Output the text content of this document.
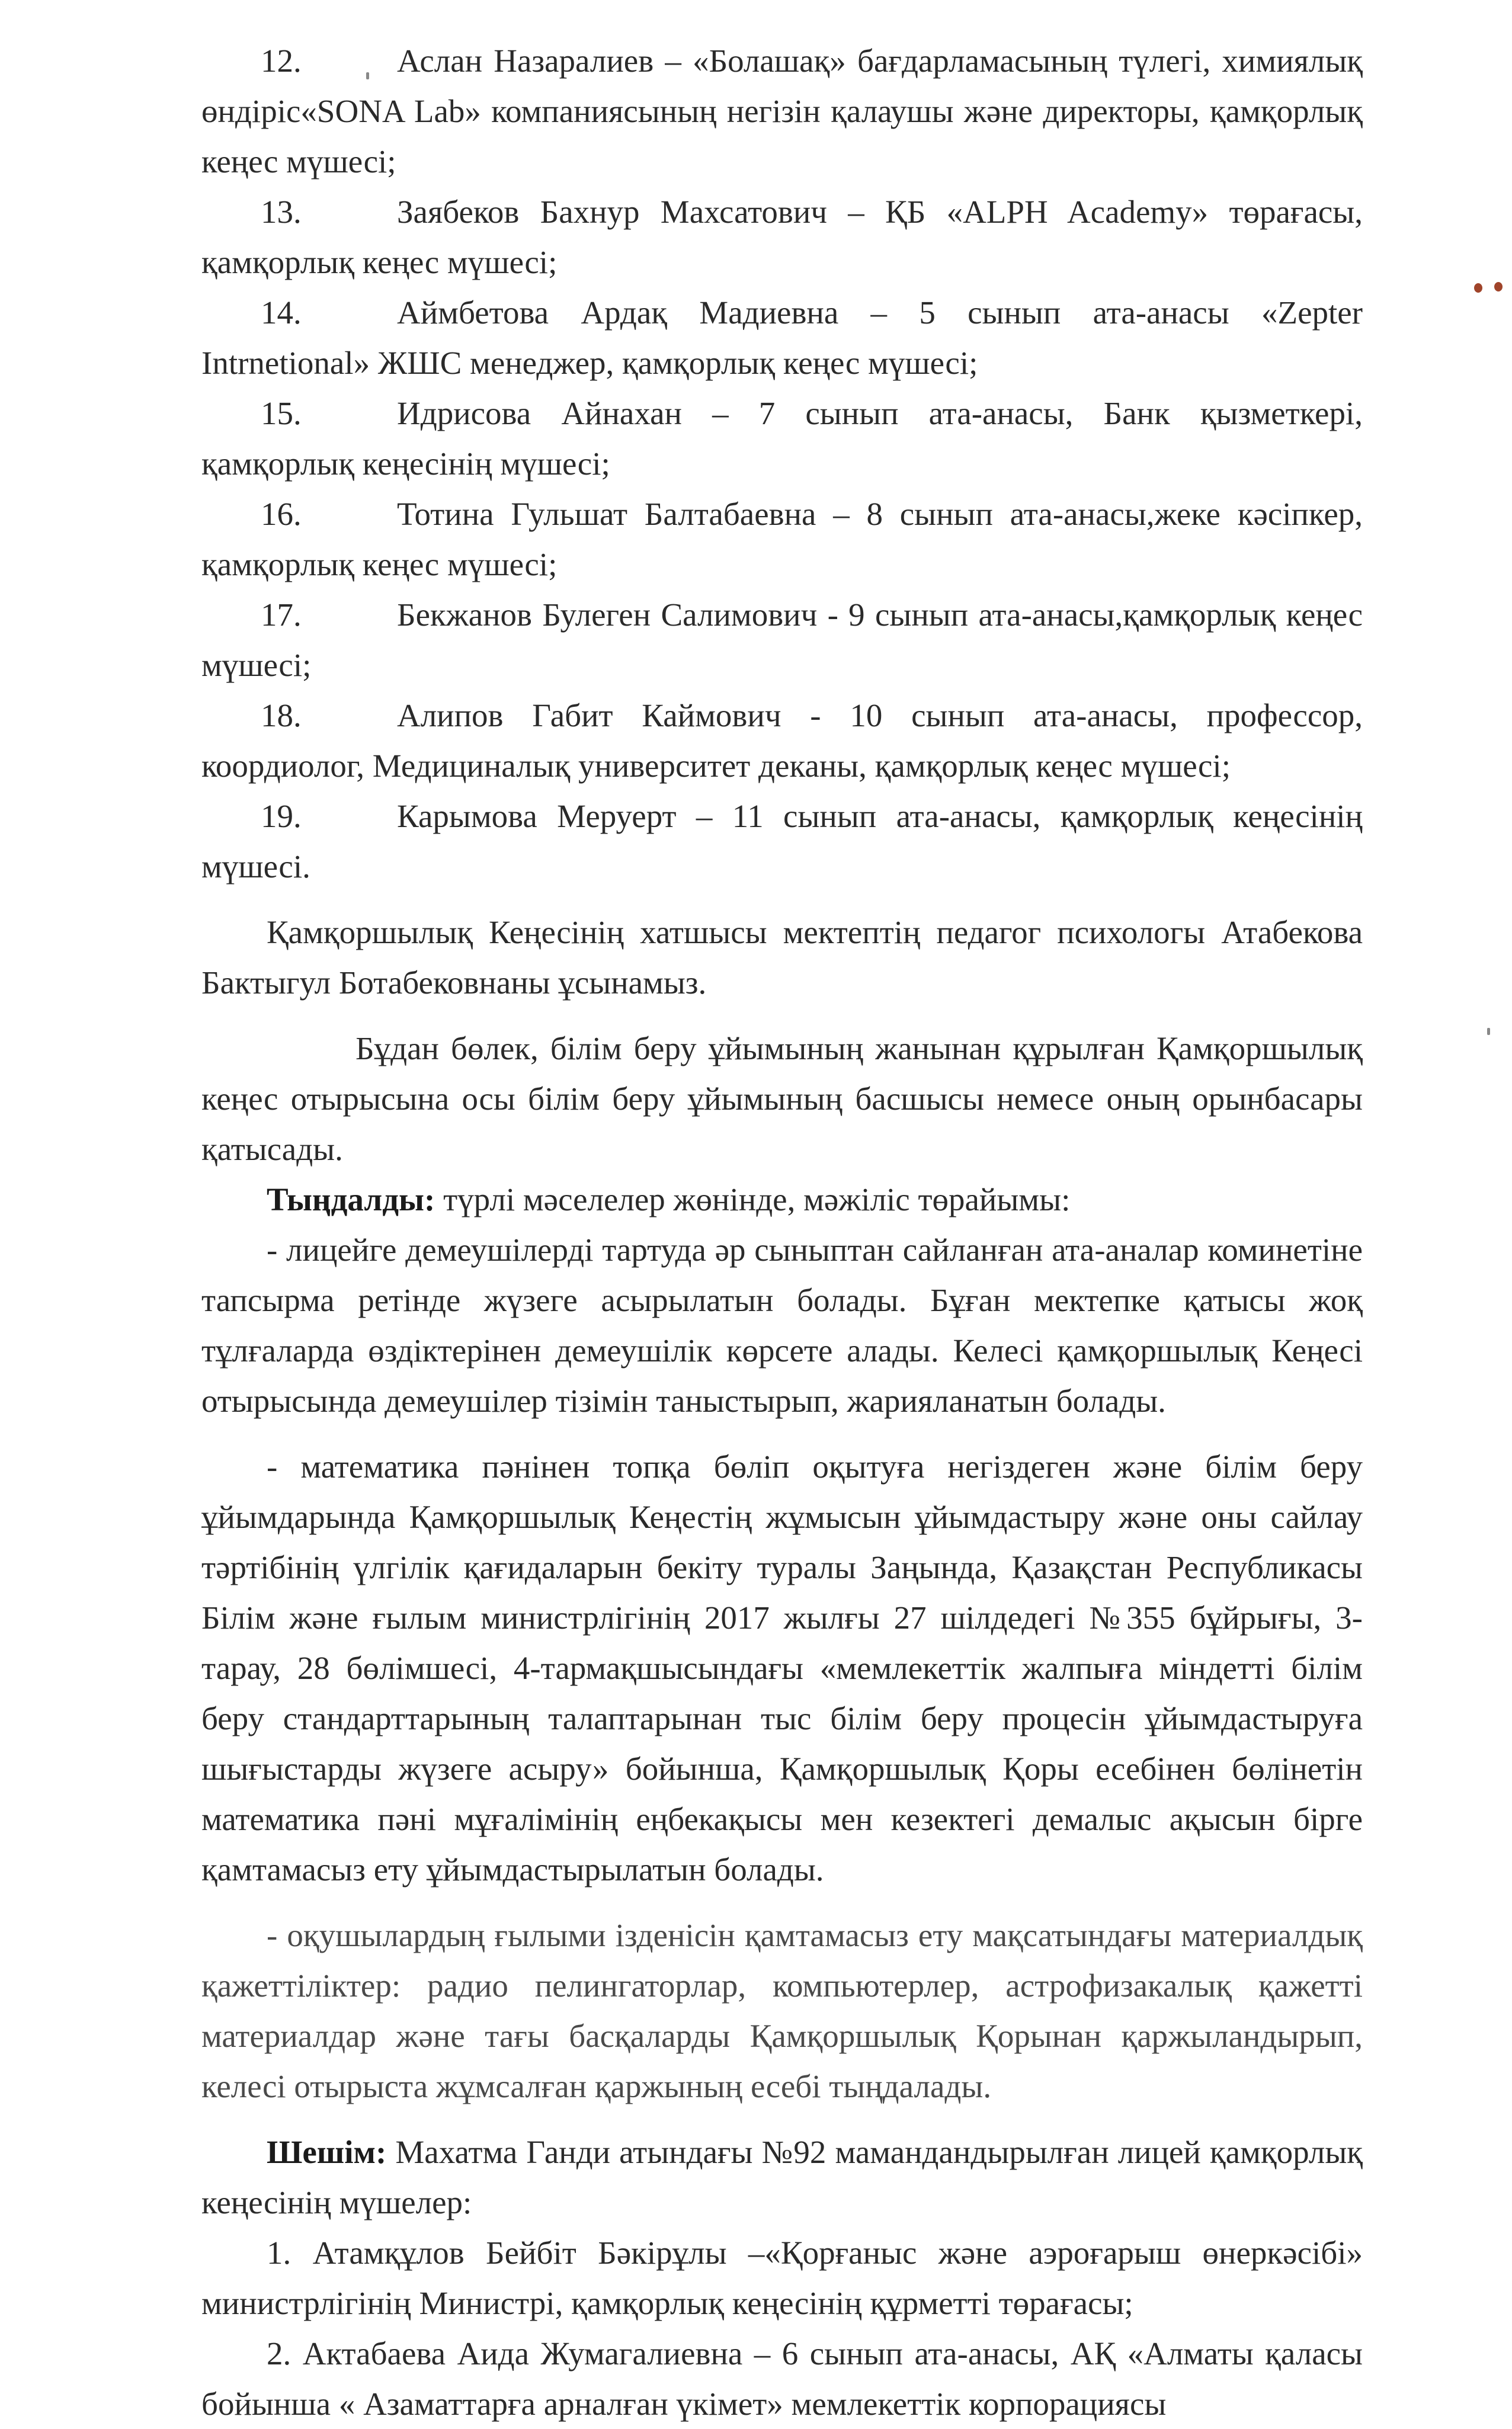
12.	Аслан Назаралиев – «Болашақ» бағдарламасының түлегі, химиялық өндіріс«SONA Lab» компаниясының негізін қалаушы және директоры, қамқорлық кеңес мүшесі;

13.	Заябеков Бахнур Махсатович – ҚБ «ALPH Academy» төрағасы, қамқорлық кеңес мүшесі;

14.	Аймбетова Ардақ Мадиевна – 5 сынып ата-анасы «Zepter Intrnetional» ЖШС менеджер, қамқорлық кеңес мүшесі;

15.	Идрисова Айнахан – 7 сынып ата-анасы, Банк қызметкері, қамқорлық кеңесінің мүшесі;

16.	Тотина Гульшат Балтабаевна – 8 сынып ата-анасы,жеке кәсіпкер, қамқорлық кеңес мүшесі;

17.	Бекжанов Булеген Салимович - 9 сынып ата-анасы,қамқорлық кеңес мүшесі;

18.	Алипов Габит Каймович - 10 сынып ата-анасы, профессор, коордиолог, Медициналық университет деканы, қамқорлық кеңес мүшесі;

19.	Карымова Меруерт – 11 сынып ата-анасы, қамқорлық кеңесінің мүшесі.

Қамқоршылық Кеңесінің хатшысы мектептің педагог психологы Атабекова Бактыгул Ботабековнаны ұсынамыз.

Бұдан бөлек, білім беру ұйымының жанынан құрылған Қамқоршылық кеңес отырысына осы білім беру ұйымының басшысы немесе оның орынбасары қатысады.

Тыңдалды: түрлі мәселелер жөнінде, мәжіліс төрайымы:

- лицейге демеушілерді тартуда әр сыныптан сайланған ата-аналар коминетіне тапсырма ретінде жүзеге асырылатын болады. Бұған мектепке қатысы жоқ тұлғаларда өздіктерінен демеушілік көрсете алады. Келесі қамқоршылық Кеңесі отырысында демеушілер тізімін таныстырып, жарияланатын болады.

- математика пәнінен топқа бөліп оқытуға негіздеген және білім беру ұйымдарында Қамқоршылық Кеңестің жұмысын ұйымдастыру және оны сайлау тәртібінің үлгілік қағидаларын бекіту туралы Заңында, Қазақстан Республикасы Білім және ғылым министрлігінің 2017 жылғы 27 шілдедегі №355 бұйрығы, 3-тарау, 28 бөлімшесі, 4-тармақшысындағы «мемлекеттік жалпыға міндетті білім беру стандарттарының талаптарынан тыс білім беру процесін ұйымдастыруға шығыстарды жүзеге асыру» бойынша, Қамқоршылық Қоры есебінен бөлінетін математика пәні мұғалімінің еңбекақысы мен кезектегі демалыс ақысын бірге қамтамасыз ету ұйымдастырылатын болады.

- оқушылардың ғылыми ізденісін қамтамасыз ету мақсатындағы материалдық қажеттіліктер: радио пелингаторлар, компьютерлер, астрофизакалық қажетті материалдар және тағы басқаларды Қамқоршылық Қорынан қаржыландырып, келесі отырыста жұмсалған қаржының есебі тыңдалады.

Шешім: Махатма Ганди атындағы №92 мамандандырылған лицей қамқорлық кеңесінің мүшелер:

1. Атамқұлов Бейбіт Бәкірұлы –«Қорғаныс және аэроғарыш өнеркәсібі» министрлігінің Министрі, қамқорлық кеңесінің құрметті төрағасы;

2. Актабаева Аида Жумагалиевна – 6 сынып ата-анасы, АҚ «Алматы қаласы бойынша « Азаматтарға арналған үкімет» мемлекеттік корпорациясы
